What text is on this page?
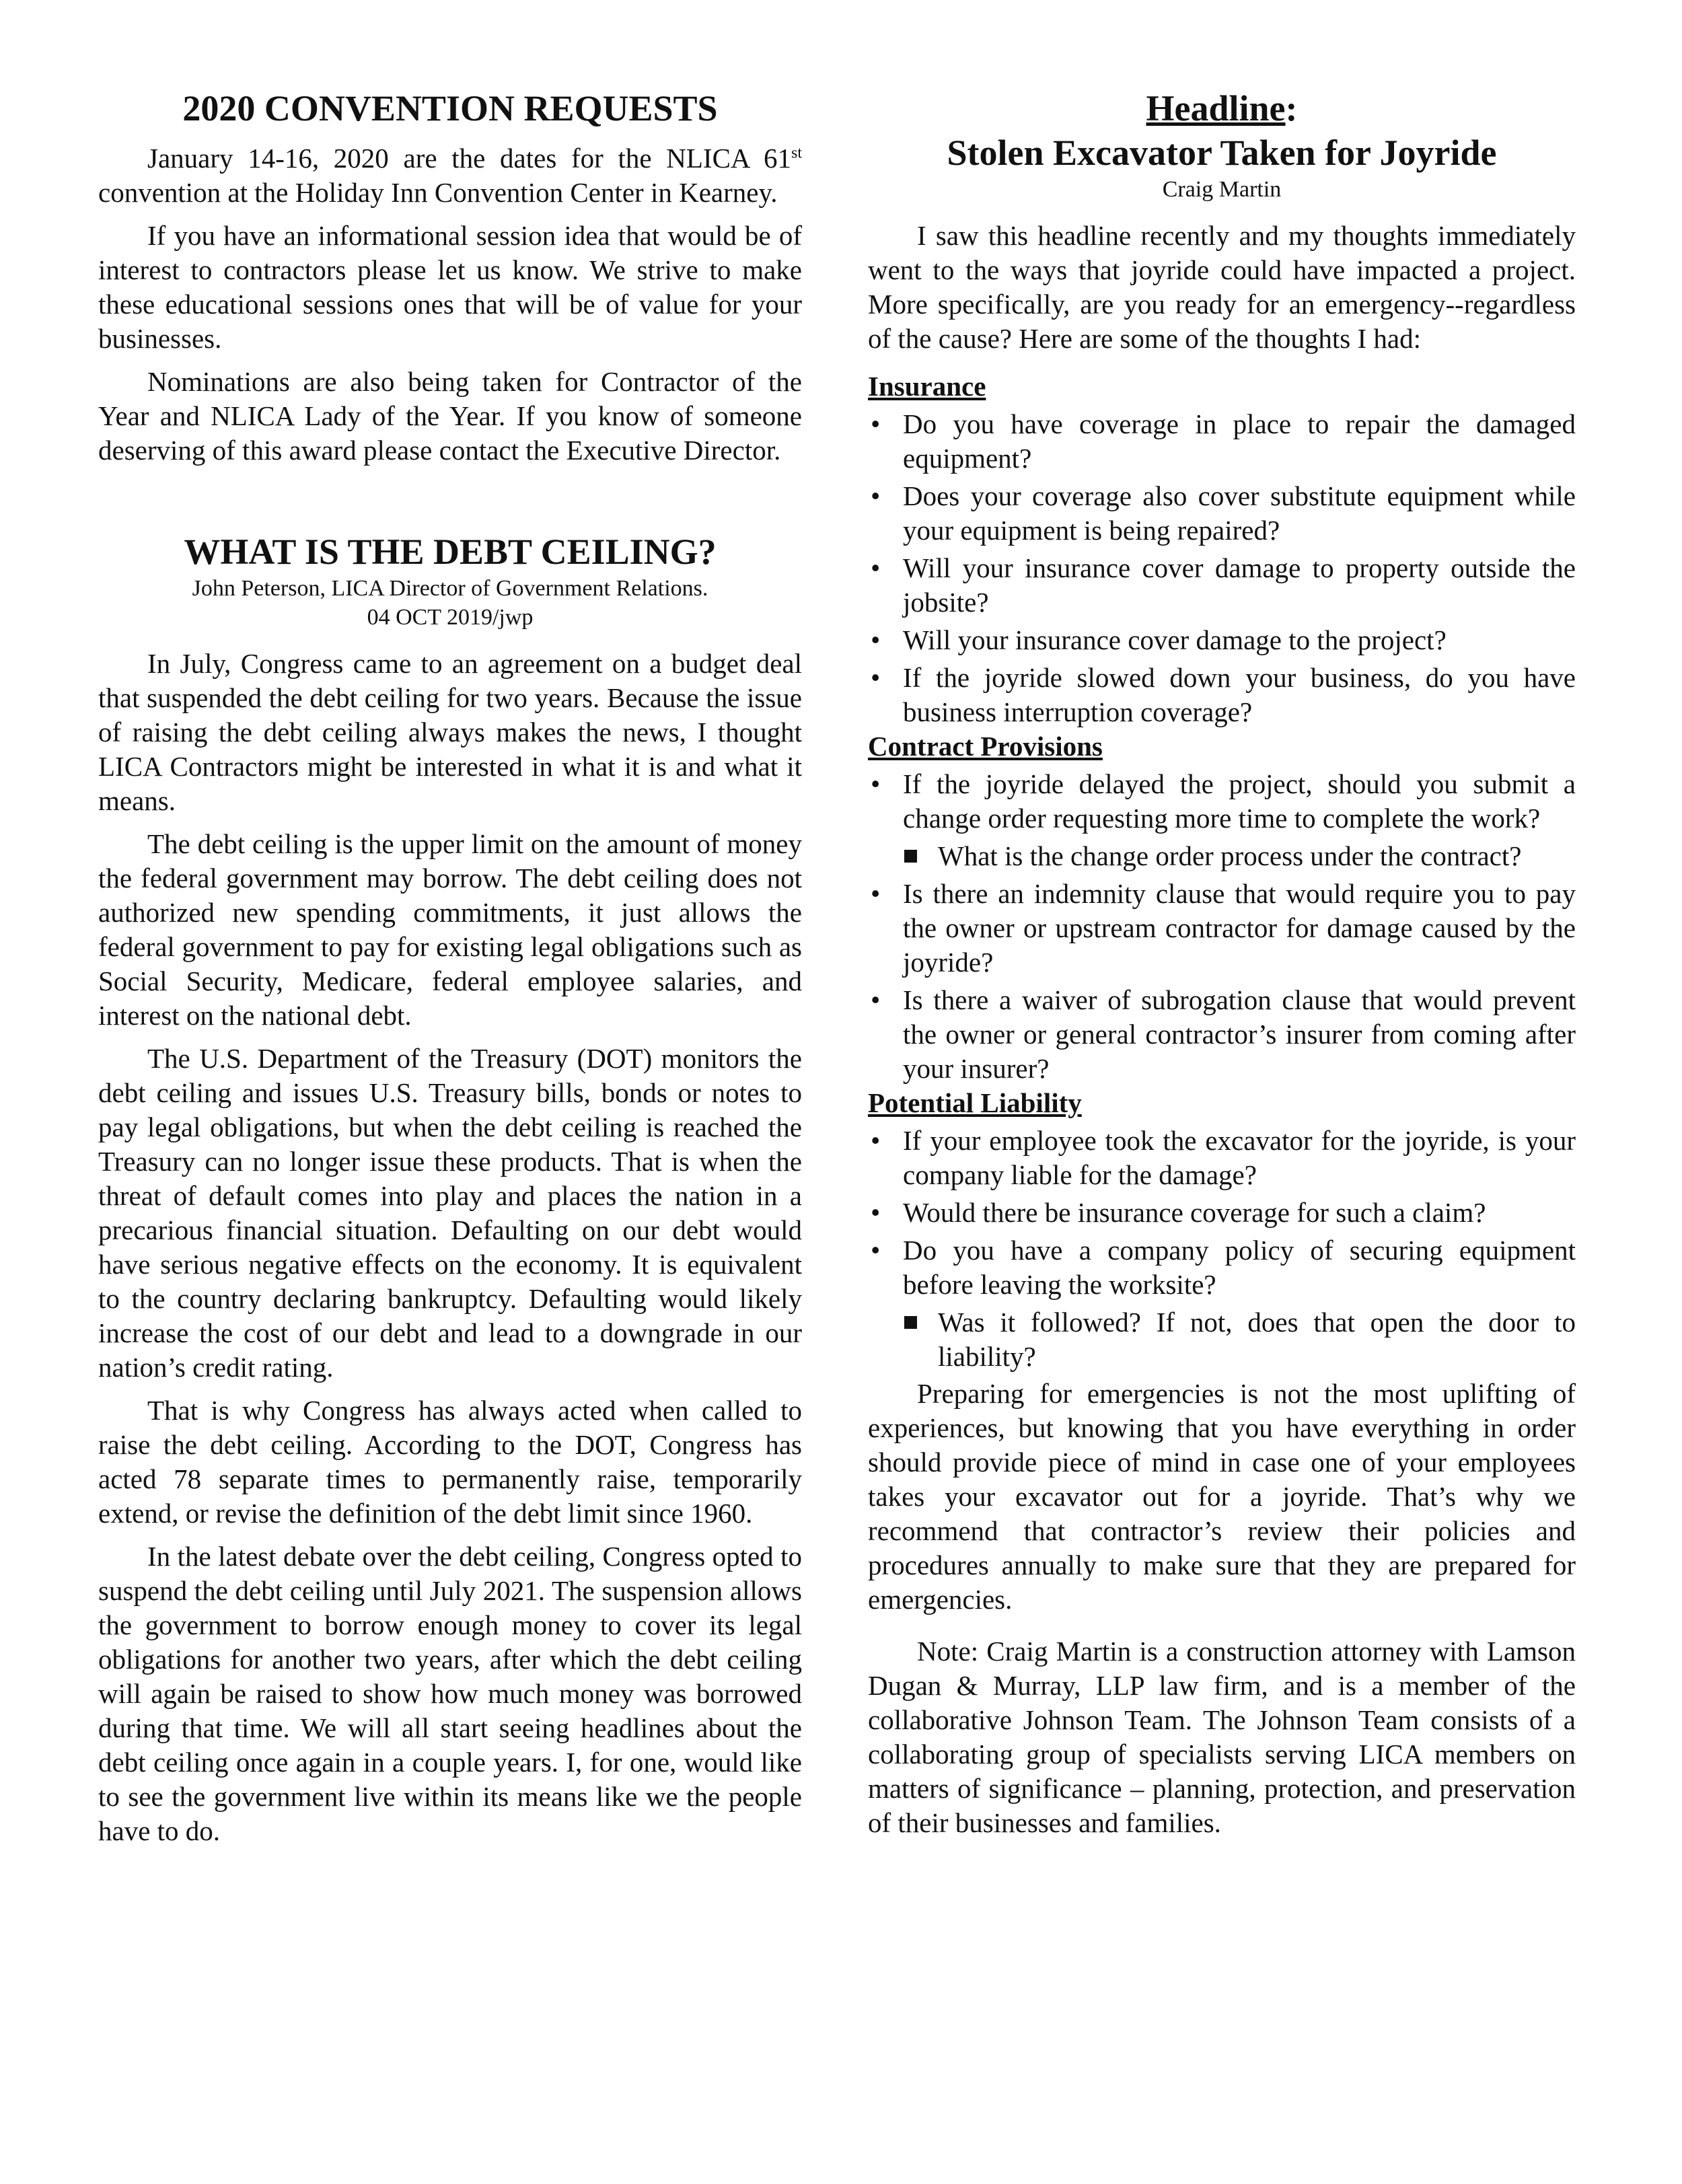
2020 CONVENTION REQUESTS

January 14-16, 2020 are the dates for the NLICA 61st convention at the Holiday Inn Convention Center in Kearney.

If you have an informational session idea that would be of interest to contractors please let us know. We strive to make these educational sessions ones that will be of value for your businesses.

Nominations are also being taken for Contractor of the Year and NLICA Lady of the Year. If you know of someone deserving of this award please contact the Executive Director.

WHAT IS THE DEBT CEILING?
John Peterson, LICA Director of Government Relations.
04 OCT 2019/jwp

In July, Congress came to an agreement on a budget deal that suspended the debt ceiling for two years. Because the issue of raising the debt ceiling always makes the news, I thought LICA Contractors might be interested in what it is and what it means.

The debt ceiling is the upper limit on the amount of money the federal government may borrow. The debt ceiling does not authorized new spending commitments, it just allows the federal government to pay for existing legal obligations such as Social Security, Medicare, federal employee salaries, and interest on the national debt.

The U.S. Department of the Treasury (DOT) monitors the debt ceiling and issues U.S. Treasury bills, bonds or notes to pay legal obligations, but when the debt ceiling is reached the Treasury can no longer issue these products. That is when the threat of default comes into play and places the nation in a precarious financial situation. Defaulting on our debt would have serious negative effects on the economy. It is equivalent to the country declaring bankruptcy. Defaulting would likely increase the cost of our debt and lead to a downgrade in our nation’s credit rating.

That is why Congress has always acted when called to raise the debt ceiling. According to the DOT, Congress has acted 78 separate times to permanently raise, temporarily extend, or revise the definition of the debt limit since 1960.

In the latest debate over the debt ceiling, Congress opted to suspend the debt ceiling until July 2021. The suspension allows the government to borrow enough money to cover its legal obligations for another two years, after which the debt ceiling will again be raised to show how much money was borrowed during that time. We will all start seeing headlines about the debt ceiling once again in a couple years. I, for one, would like to see the government live within its means like we the people have to do.

Headline:
Stolen Excavator Taken for Joyride
Craig Martin

I saw this headline recently and my thoughts immediately went to the ways that joyride could have impacted a project. More specifically, are you ready for an emergency--regardless of the cause? Here are some of the thoughts I had:

Insurance
• Do you have coverage in place to repair the damaged equipment?
• Does your coverage also cover substitute equipment while your equipment is being repaired?
• Will your insurance cover damage to property outside the jobsite?
• Will your insurance cover damage to the project?
• If the joyride slowed down your business, do you have business interruption coverage?
Contract Provisions
• If the joyride delayed the project, should you submit a change order requesting more time to complete the work?
What is the change order process under the contract?
• Is there an indemnity clause that would require you to pay the owner or upstream contractor for damage caused by the joyride?
• Is there a waiver of subrogation clause that would prevent the owner or general contractor’s insurer from coming after your insurer?
Potential Liability
• If your employee took the excavator for the joyride, is your company liable for the damage?
• Would there be insurance coverage for such a claim?
• Do you have a company policy of securing equipment before leaving the worksite?
Was it followed? If not, does that open the door to liability?

Preparing for emergencies is not the most uplifting of experiences, but knowing that you have everything in order should provide piece of mind in case one of your employees takes your excavator out for a joyride. That’s why we recommend that contractor’s review their policies and procedures annually to make sure that they are prepared for emergencies.

Note: Craig Martin is a construction attorney with Lamson Dugan & Murray, LLP law firm, and is a member of the collaborative Johnson Team. The Johnson Team consists of a collaborating group of specialists serving LICA members on matters of significance – planning, protection, and preservation of their businesses and families.
